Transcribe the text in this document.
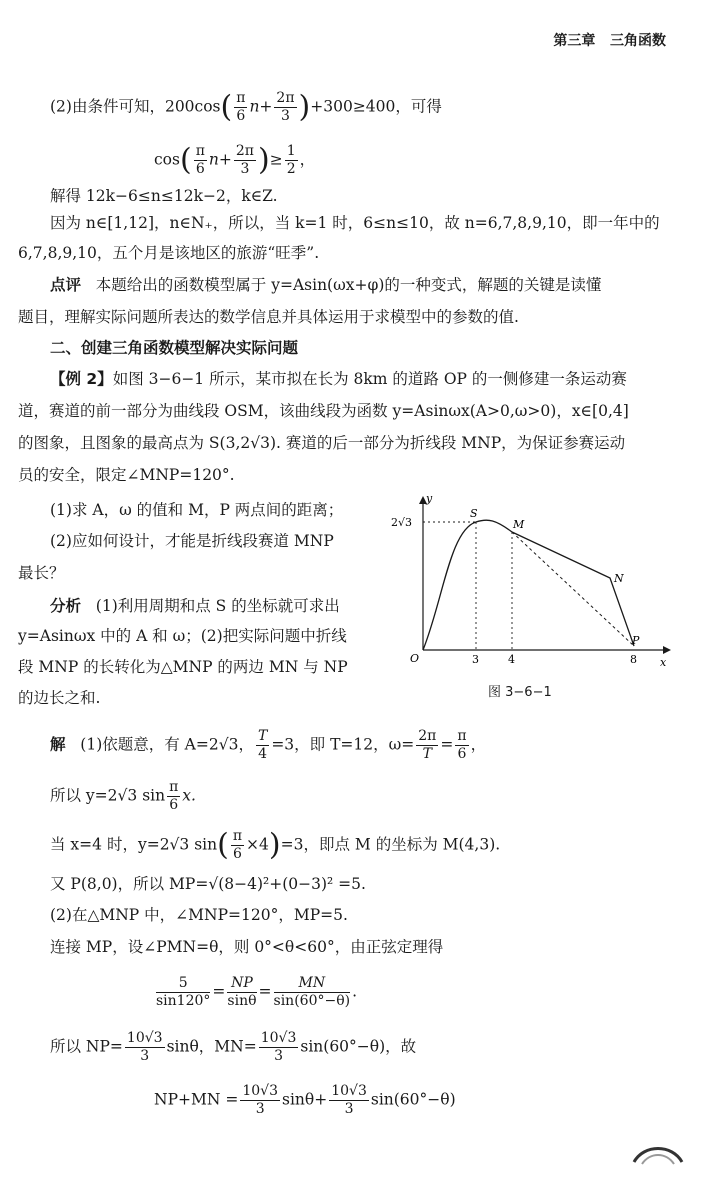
第三章 三角函数
(2)由条件可知，$200\cos( \frac{\pi}{6} n+ \frac{2\pi}{3} )+300\ge 400$，可得
$\cos( \frac{\pi}{6} n+ \frac{2\pi}{3}$ )≥ $\frac{1}{2}$ ，
解得 12k−6≤n≤12k−2，k∈Z.
因为 n∈[1,12]，n∈N₊，所以，当 k=1 时，6≤n≤10，故 n=6,7,8,9,10，即一年中的
6,7,8,9,10，五个月是该地区的旅游“旺季”.
点评 本题给出的函数模型属于 y=Asin(ωx+φ)的一种变式，解题的关键是读懂
题目，理解实际问题所表达的数学信息并具体运用于求模型中的参数的值.
二、创建三角函数模型解决实际问题
【例 2】如图 3−6−1 所示，某市拟在长为 8km 的道路 OP 的一侧修建一条运动赛
道，赛道的前一部分为曲线段 OSM，该曲线段为函数 y=Asinωx(A>0,ω>0)，x∈[0,4]
的图象，且图象的最高点为 S(3,2√3). 赛道的后一部分为折线段 MNP，为保证参赛运动
员的安全，限定∠MNP=120°.
(1)求 A，ω 的值和 M，P 两点间的距离；
(2)应如何设计，才能是折线段赛道 MNP
最长？
分析 (1)利用周期和点 S 的坐标就可求出
y=Asinωx 中的 A 和 ω；(2)把实际问题中折线
段 MNP 的长转化为△MNP 的两边 MN 与 NP
的边长之和.
y
x
O
2√3
3	4	8
S
M
N
P
图 3−6−1
解 (1)依题意，有 A=2√3， $\frac{T}{4} =3$，即 T=12，$\omega= \frac{2\pi}{T} = \frac{\pi}{6}$ ，
所以 y=2√3 $\sin \frac{\pi}{6} x$.
当 x=4 时，y=2√3 $\sin( \frac{\pi}{6} \times 4)=3$，即点 M 的坐标为 M(4,3).
又 P(8,0)，所以 MP=√(8−4)²+(0−3)² =5.
(2)在△MNP 中，∠MNP=120°，MP=5.
连接 MP，设∠PMN=θ，则 0°<θ<60°，由正弦定理得
$\frac{5}{\sin 120^\circ} = \frac{NP}{\sin\theta} = \frac{MN}{\sin(60^\circ-\theta)}$ .
所以 $NP= \frac{10√3}{3}$ sinθ，$MN= \frac{10√3}{3} \sin(60^\circ-\theta)$，故
$NP+MN = \frac{10√3}{3} \sin\theta+ \frac{10√3}{3} \sin(60^\circ-\theta)$
